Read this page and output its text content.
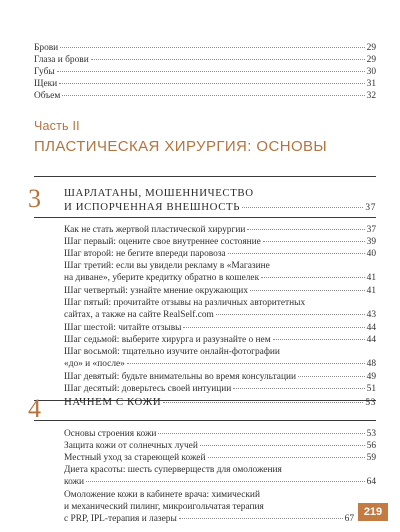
Брови	29
Глаза и брови	29
Губы	30
Щеки	31
Объем	32
Часть II
ПЛАСТИЧЕСКАЯ ХИРУРГИЯ: ОСНОВЫ
3 ШАРЛАТАНЫ, МОШЕННИЧЕСТВО
И ИСПОРЧЕННАЯ ВНЕШНОСТЬ	37
Как не стать жертвой пластической хирургии	37
Шаг первый: оцените свое внутреннее состояние	39
Шаг второй: не бегите впереди паровоза	40
Шаг третий: если вы увидели рекламу в «Магазине
на диване», уберите кредитку обратно в кошелек	41
Шаг четвертый: узнайте мнение окружающих	41
Шаг пятый: прочитайте отзывы на различных авторитетных
сайтах, а также на сайте RealSelf.com	43
Шаг шестой: читайте отзывы	44
Шаг седьмой: выберите хирурга и разузнайте о нем	44
Шаг восьмой: тщательно изучите онлайн-фотографии
«до» и «после»	48
Шаг девятый: будьте внимательны во время консультации	49
Шаг десятый: доверьтесь своей интуиции	51
4 НАЧНЕМ С КОЖИ	53
Основы строения кожи	53
Защита кожи от солнечных лучей	56
Местный уход за стареющей кожей	59
Диета красоты: шесть суперверществ для омоложения
кожи	64
Омоложение кожи в кабинете врача: химический
и механический пилинг, микроигольчатая терапия
с PRP, IPL-терапия и лазеры	67
219
